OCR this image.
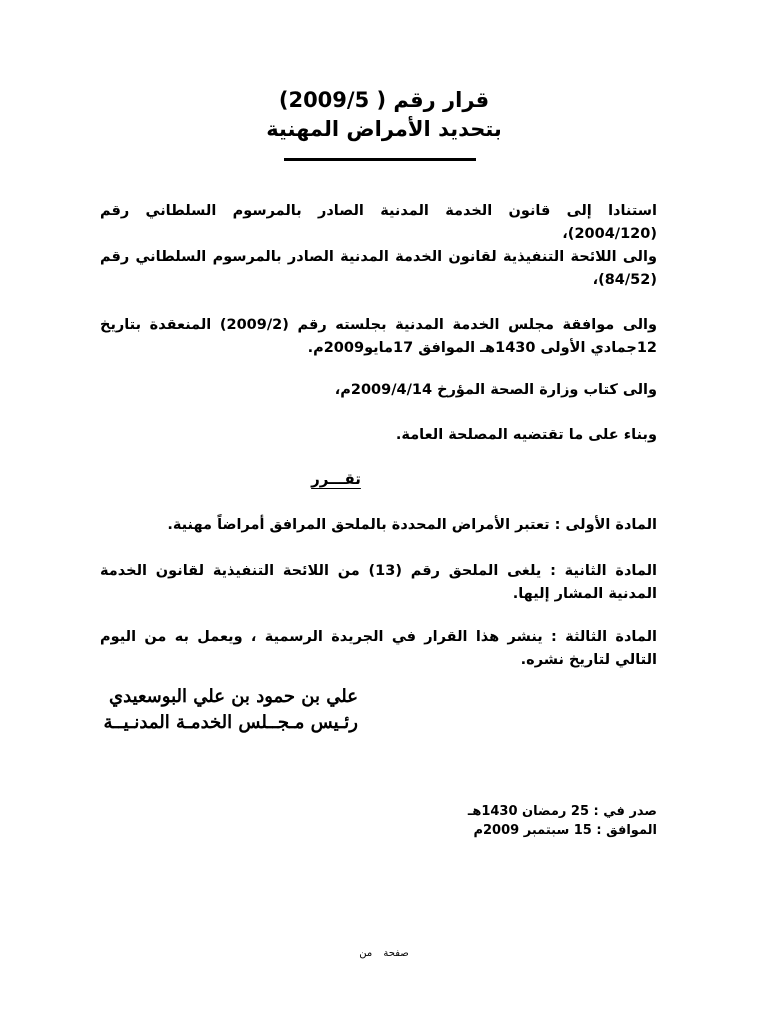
قرار رقم ( 2009/5)
بتحديد الأمراض المهنية
استنادا إلى قانون الخدمة المدنية الصادر بالمرسوم السلطاني رقم (2004/120)،
والى اللائحة التنفيذية لقانون الخدمة المدنية الصادر بالمرسوم السلطاني رقم (84/52)،
والى موافقة مجلس الخدمة المدنية بجلسته رقم (2009/2) المنعقدة بتاريخ 12جمادي الأولى 1430هـ الموافق 17مايو2009م.
والى كتاب وزارة الصحة المؤرخ 2009/4/14م،
وبناء على ما تقتضيه المصلحة العامة.
تقـــرر
المادة الأولى : تعتبر الأمراض المحددة بالملحق المرافق أمراضاً مهنية.
المادة الثانية : يلغى الملحق رقم (13) من اللائحة التنفيذية لقانون الخدمة المدنية المشار إليها.
المادة الثالثة : ينشر هذا القرار في الجريدة الرسمية ، ويعمل به من اليوم التالي لتاريخ نشره.
علي بن حمود بن علي البوسعيدي
رئـيس مـجــلس الخدمـة المدنـيــة
صدر في : 25 رمضان 1430هـ
الموافق : 15 سبتمبر 2009م
صفحة من
